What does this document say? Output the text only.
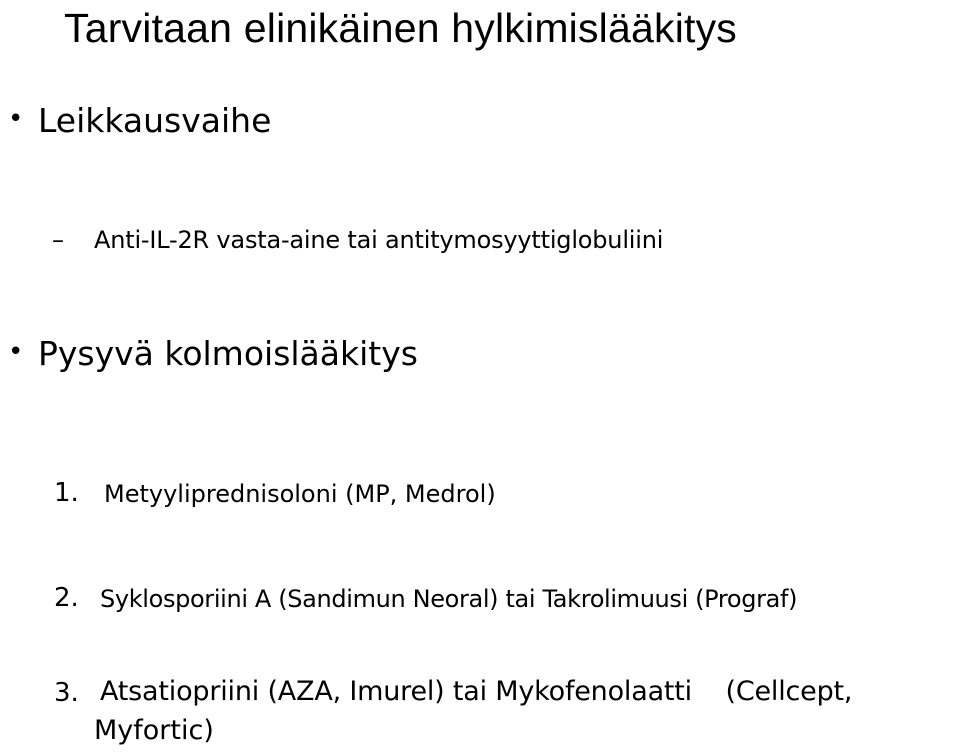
Tarvitaan elinikäinen hylkimislääkitys
• Leikkausvaihe
– Anti-IL-2R vasta-aine tai antitymosyyttiglobuliini
• Pysyvä kolmoislääkitys
1. Metyyliprednisoloni (MP, Medrol)
2. Syklosporiini A (Sandimun Neoral) tai Takrolimuusi (Prograf)
3. Atsatiopriini (AZA, Imurel) tai Mykofenolaatti    (Cellcept,
Myfortic)
